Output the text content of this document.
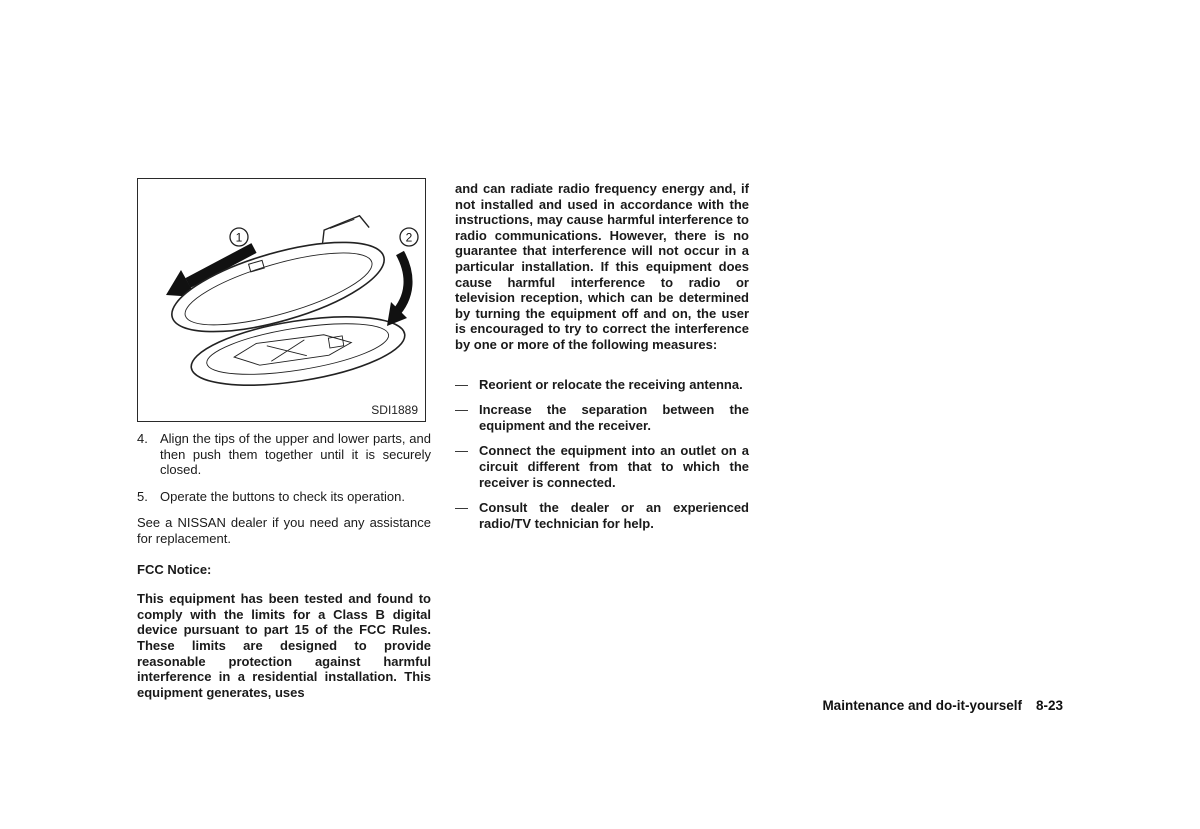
1	2
SDI1889
4. Align the tips of the upper and lower parts, and then push them together until it is securely closed.
5. Operate the buttons to check its operation.
See a NISSAN dealer if you need any assistance for replacement.
FCC Notice:
This equipment has been tested and found to comply with the limits for a Class B digital device pursuant to part 15 of the FCC Rules. These limits are designed to provide reasonable protection against harmful interference in a residential installation. This equipment generates, uses
and can radiate radio frequency energy and, if not installed and used in accordance with the instructions, may cause harmful interference to radio communications. However, there is no guarantee that interference will not occur in a particular installation. If this equipment does cause harmful interference to radio or television reception, which can be determined by turning the equipment off and on, the user is encouraged to try to correct the interference by one or more of the following measures:
— Reorient or relocate the receiving antenna.
— Increase the separation between the equipment and the receiver.
— Connect the equipment into an outlet on a circuit different from that to which the receiver is connected.
— Consult the dealer or an experienced radio/TV technician for help.
Maintenance and do-it-yourself 8-23
